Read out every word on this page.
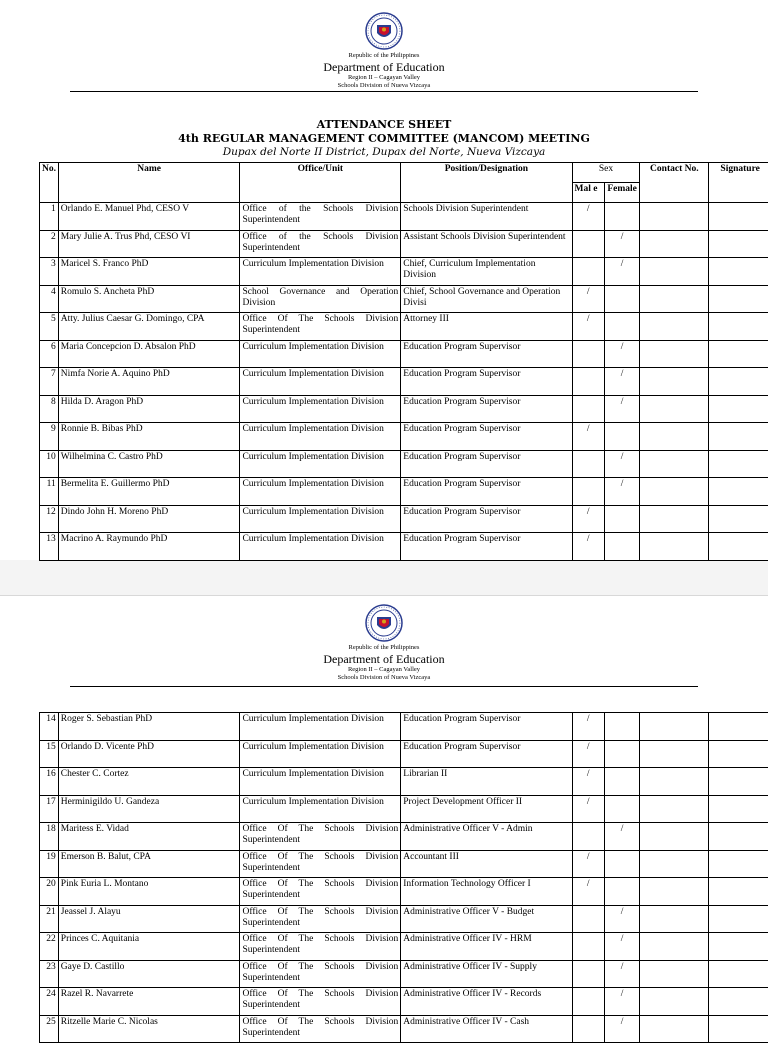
Republic of the Philippines
Department of Education
Region II – Cagayan Valley
Schools Division of Nueva Vizcaya
ATTENDANCE SHEET
4th REGULAR MANAGEMENT COMMITTEE (MANCOM) MEETING
Dupax del Norte II District, Dupax del Norte, Nueva Vizcaya
No.	Name	Office/Unit	Position/Designation	Sex		Contact No.	Signature
				Mal e	Female		
1	Orlando E. Manuel Phd, CESO V	Office of the Schools Division Superintendent	Schools Division Superintendent	/			
2	Mary Julie A. Trus Phd, CESO VI	Office of the Schools Division Superintendent	Assistant Schools Division Superintendent		/		
3	Maricel S. Franco PhD	Curriculum Implementation Division	Chief, Curriculum Implementation Division		/		
4	Romulo S. Ancheta PhD	School Governance and Operation Division	Chief, School Governance and Operation Divisi	/			
5	Atty. Julius Caesar G. Domingo, CPA	Office Of The Schools Division Superintendent	Attorney III	/			
6	Maria Concepcion D. Absalon PhD	Curriculum Implementation Division	Education Program Supervisor		/		
7	Nimfa Norie A. Aquino PhD	Curriculum Implementation Division	Education Program Supervisor		/		
8	Hilda D. Aragon PhD	Curriculum Implementation Division	Education Program Supervisor		/		
9	Ronnie B. Bibas PhD	Curriculum Implementation Division	Education Program Supervisor	/			
10	Wilhelmina C. Castro PhD	Curriculum Implementation Division	Education Program Supervisor		/		
11	Bermelita E. Guillermo PhD	Curriculum Implementation Division	Education Program Supervisor		/		
12	Dindo John H. Moreno PhD	Curriculum Implementation Division	Education Program Supervisor	/			
13	Macrino A. Raymundo PhD	Curriculum Implementation Division	Education Program Supervisor	/			
Republic of the Philippines
Department of Education
Region II – Cagayan Valley
Schools Division of Nueva Vizcaya
14	Roger S. Sebastian PhD	Curriculum Implementation Division	Education Program Supervisor	/			
15	Orlando D. Vicente PhD	Curriculum Implementation Division	Education Program Supervisor	/			
16	Chester C. Cortez	Curriculum Implementation Division	Librarian II	/			
17	Herminigildo U. Gandeza	Curriculum Implementation Division	Project Development Officer II	/			
18	Maritess E. Vidad	Office Of The Schools Division Superintendent	Administrative Officer V - Admin		/		
19	Emerson B. Balut, CPA	Office Of The Schools Division Superintendent	Accountant III	/			
20	Pink Euria L. Montano	Office Of The Schools Division Superintendent	Information Technology Officer I	/			
21	Jeassel J. Alayu	Office Of The Schools Division Superintendent	Administrative Officer V - Budget		/		
22	Princes C. Aquitania	Office Of The Schools Division Superintendent	Administrative Officer IV - HRM		/		
23	Gaye D. Castillo	Office Of The Schools Division Superintendent	Administrative Officer IV - Supply		/		
24	Razel R. Navarrete	Office Of The Schools Division Superintendent	Administrative Officer IV - Records		/		
25	Ritzelle Marie C. Nicolas	Office Of The Schools Division Superintendent	Administrative Officer IV - Cash		/		
